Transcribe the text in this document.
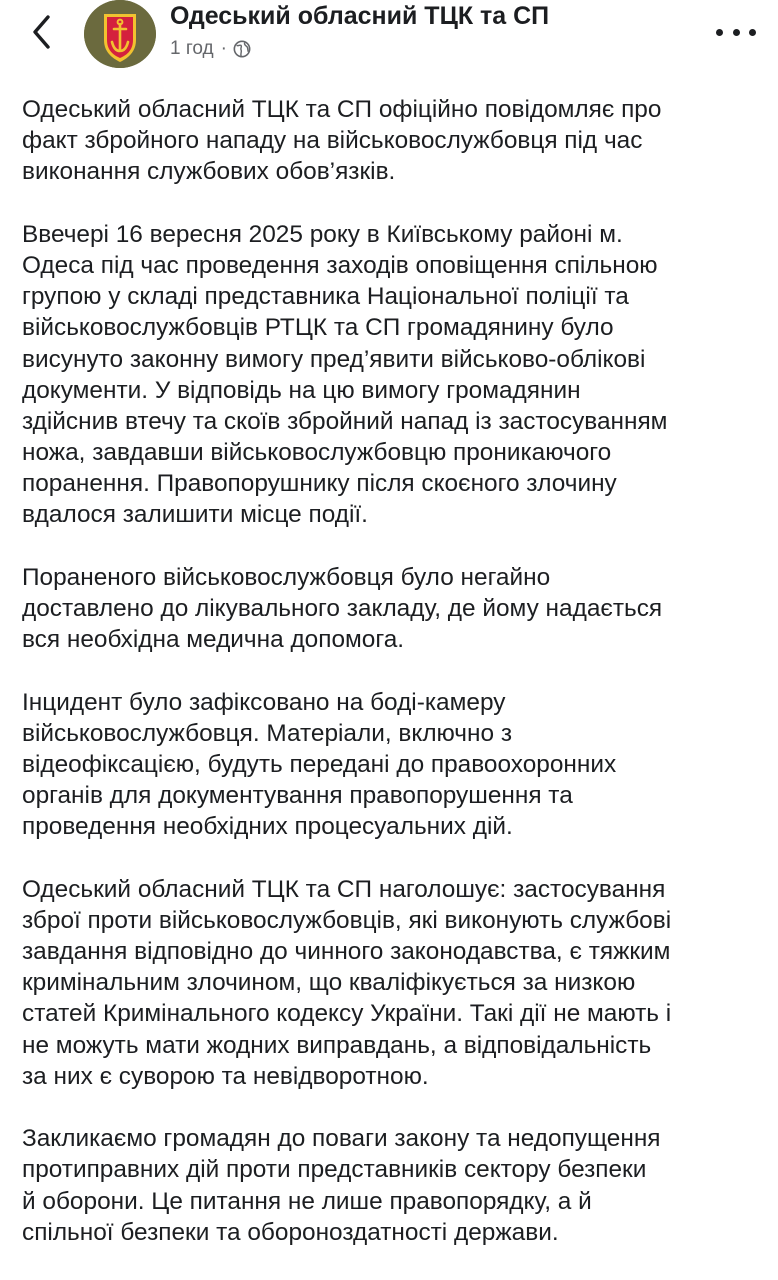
Одеський обласний ТЦК та СП
1 год ·
Одеський обласний ТЦК та СП офіційно повідомляє про
факт збройного нападу на військовослужбовця під час
виконання службових обов’язків.
Ввечері 16 вересня 2025 року в Київському районі м.
Одеса під час проведення заходів оповіщення спільною
групою у складі представника Національної поліції та
військовослужбовців РТЦК та СП громадянину було
висунуто законну вимогу пред’явити військово-облікові
документи. У відповідь на цю вимогу громадянин
здійснив втечу та скоїв збройний напад із застосуванням
ножа, завдавши військовослужбовцю проникаючого
поранення. Правопорушнику після скоєного злочину
вдалося залишити місце події.
Пораненого військовослужбовця було негайно
доставлено до лікувального закладу, де йому надається
вся необхідна медична допомога.
Інцидент було зафіксовано на боді-камеру
військовослужбовця. Матеріали, включно з
відеофіксацією, будуть передані до правоохоронних
органів для документування правопорушення та
проведення необхідних процесуальних дій.
Одеський обласний ТЦК та СП наголошує: застосування
зброї проти військовослужбовців, які виконують службові
завдання відповідно до чинного законодавства, є тяжким
кримінальним злочином, що кваліфікується за низкою
статей Кримінального кодексу України. Такі дії не мають і
не можуть мати жодних виправдань, а відповідальність
за них є суворою та невідворотною.
Закликаємо громадян до поваги закону та недопущення
протиправних дій проти представників сектору безпеки
й оборони. Це питання не лише правопорядку, а й
спільної безпеки та обороноздатності держави.
